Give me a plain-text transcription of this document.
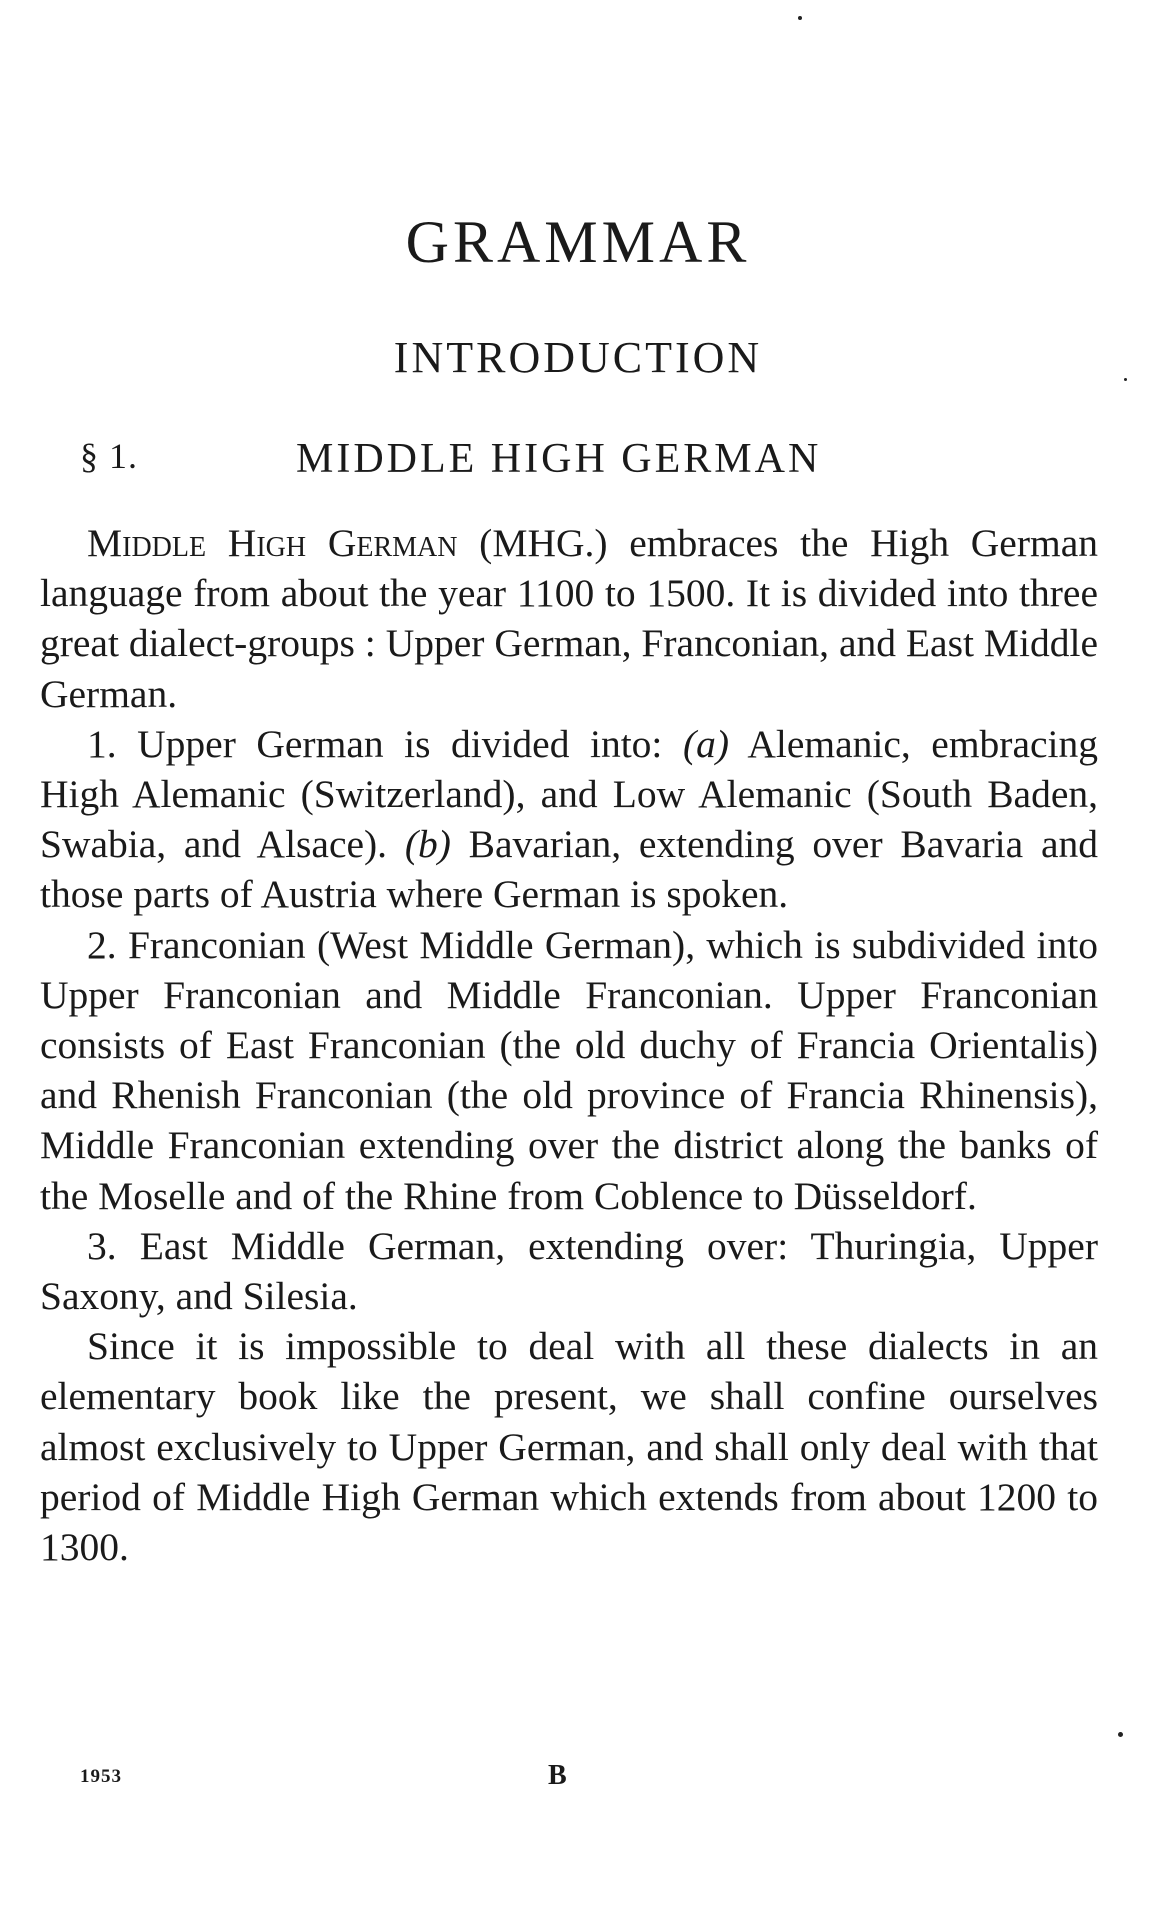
GRAMMAR
INTRODUCTION
§ 1.	MIDDLE HIGH GERMAN

Middle High German (MHG.) embraces the High German language from about the year 1100 to 1500. It is divided into three great dialect-groups : Upper German, Franconian, and East Middle German.

1. Upper German is divided into: (a) Alemanic, embracing High Alemanic (Switzerland), and Low Alemanic (South Baden, Swabia, and Alsace). (b) Bavarian, extending over Bavaria and those parts of Austria where German is spoken.

2. Franconian (West Middle German), which is subdivided into Upper Franconian and Middle Franconian. Upper Franconian consists of East Franconian (the old duchy of Francia Orientalis) and Rhenish Franconian (the old province of Francia Rhinensis), Middle Franconian extending over the district along the banks of the Moselle and of the Rhine from Coblence to Düsseldorf.

3. East Middle German, extending over: Thuringia, Upper Saxony, and Silesia.

Since it is impossible to deal with all these dialects in an elementary book like the present, we shall confine ourselves almost exclusively to Upper German, and shall only deal with that period of Middle High German which extends from about 1200 to 1300.

1953	B
